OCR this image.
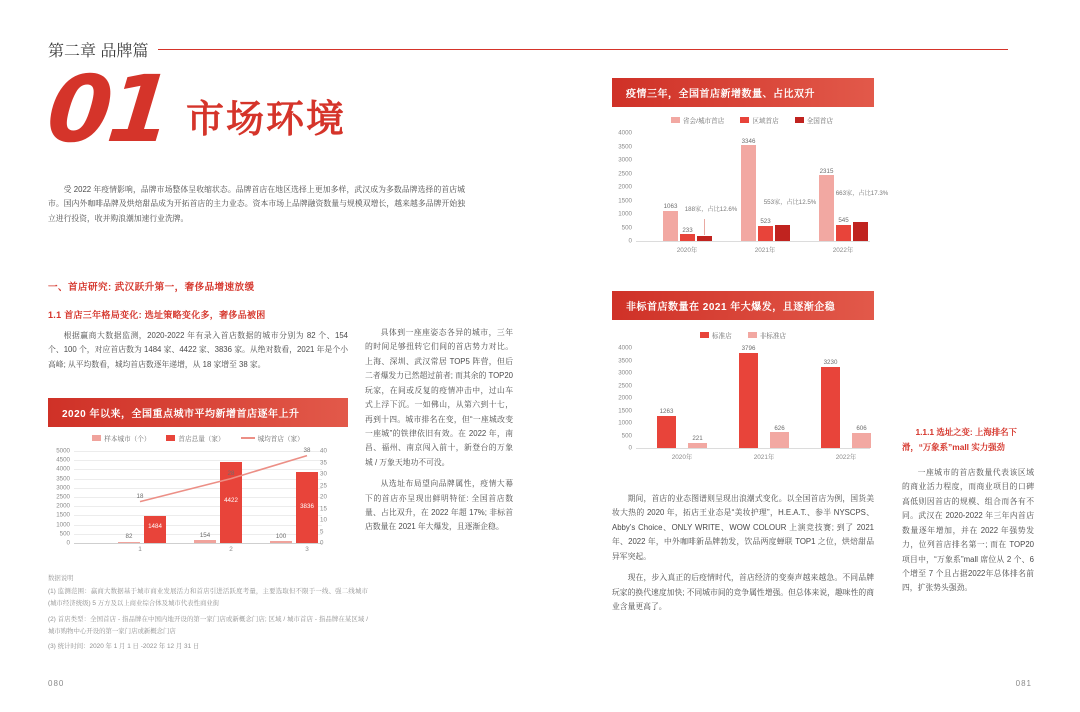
第二章 品牌篇
01 市场环境

受 2022 年疫情影响，品牌市场整体呈收缩状态。品牌首店在地区选择上更加多样，武汉成为多数品牌选择的首店城市。国内外咖啡品牌及烘焙甜品成为开拓首店的主力业态。资本市场上品牌融资数量与规模双增长，越来越多品牌开始独立进行投资，收并购浪潮加速行业洗牌。

一、首店研究: 武汉跃升第一，奢侈品增速放缓
1.1 首店三年格局变化: 选址策略变化多，奢侈品被困

根据赢商大数据监测，2020-2022 年有录入首店数据的城市分别为 82 个、154 个、100 个，对应首店数为 1484 家、4422 家、3836 家。从绝对数看，2021 年是个小高峰; 从平均数看，城均首店数逐年递增，从 18 家增至 38 家。

2020 年以来，全国重点城市平均新增首店逐年上升
样本城市（个）	首店总量（家）	城均首店（家）
5000
4500
4000
3500
3000
2500
2000
1500
1000
500
0
40
35
30
25
20
15
10
5
0
82
1484
154
4422
100
3836
18
28
38
1	2	3
数据说明
(1) 监测范围：赢商大数据基于城市商业发展活力和首店引进活跃度考量，主要选取但不限于一线、强二线城市 (城市经济统级) 5 万方及以上商业综合体及城市代表性商业街
(2) 首店类型：全国首店 - 指品牌在中国内地开设的第一家门店或新概念门店; 区域 / 城市首店 - 指品牌在某区域 / 城市购物中心开设的第一家门店或新概念门店
(3) 统计时间：2020 年 1 月 1 日 -2022 年 12 月 31 日

具体到一座座姿态各异的城市，三年的时间足够扭转它们间的首店势力对比。上海、深圳、武汉常居 TOP5 阵营，但后二者爆发力已然超过前者; 而其余的 TOP20 玩家，在间或反复的疫情冲击中，过山车式上浮下沉。一如佛山，从第六到十七，再到十四。城市排名在变，但“一座城改变一座城”的铁律依旧有效。在 2022 年，南昌、福州、南京闯入前十，新登台的万象城 / 万象天地功不可没。

从选址布局望向品牌属性，疫情大幕下的首店亦呈现出鲜明特征: 全国首店数量、占比双升，在 2022 年超 17%; 非标首店数量在 2021 年大爆发，且逐渐企稳。

疫情三年，全国首店新增数量、占比双升
省会/城市首店	区域首店	全国首店
4000
3500
3000
2500
2000
1500
1000
500
0
1063
233
188家，占比12.6%
3346
523
553家，占比12.5%
2315
545
663家，占比17.3%
2020年	2021年	2022年
非标首店数量在 2021 年大爆发，且逐渐企稳
标准店	非标准店
4000
3500
3000
2500
2000
1500
1000
500
0
1263
221
3796
626
3230
606
2020年	2021年	2022年

期间，首店的业态图谱则呈现出浪潮式变化。以全国首店为例，国货美妆大热的 2020 年，拓店王业态是“美妆护理”，H.E.A.T.、参半 NYSCPS、Abby’s Choice、ONLY WRITE、WOW COLOUR 上演竞技赛; 到了 2021 年、2022 年，中外咖啡新品牌勃发，饮品两度蝉联 TOP1 之位，烘焙甜品异军突起。

现在，步入真正的后疫情时代，首店经济的变奏声越来越急。不同品牌玩家的换代速度加快; 不同城市间的竞争属性增强。但总体来说，趣味性的商业含量更高了。

1.1.1 选址之变: 上海排名下滑，“万象系”mall 实力强劲

一座城市的首店数量代表该区域的商业活力程度，而商业项目的口碑高低则因首店的规模、组合而各有不同。武汉在 2020-2022 年三年内首店数量逐年增加，并在 2022 年强势发力，位列首店排名第一; 而在 TOP20 项目中，“万象系”mall 席位从 2 个、6 个增至 7 个且占据2022年总体排名前四，扩张势头强劲。

080	081
